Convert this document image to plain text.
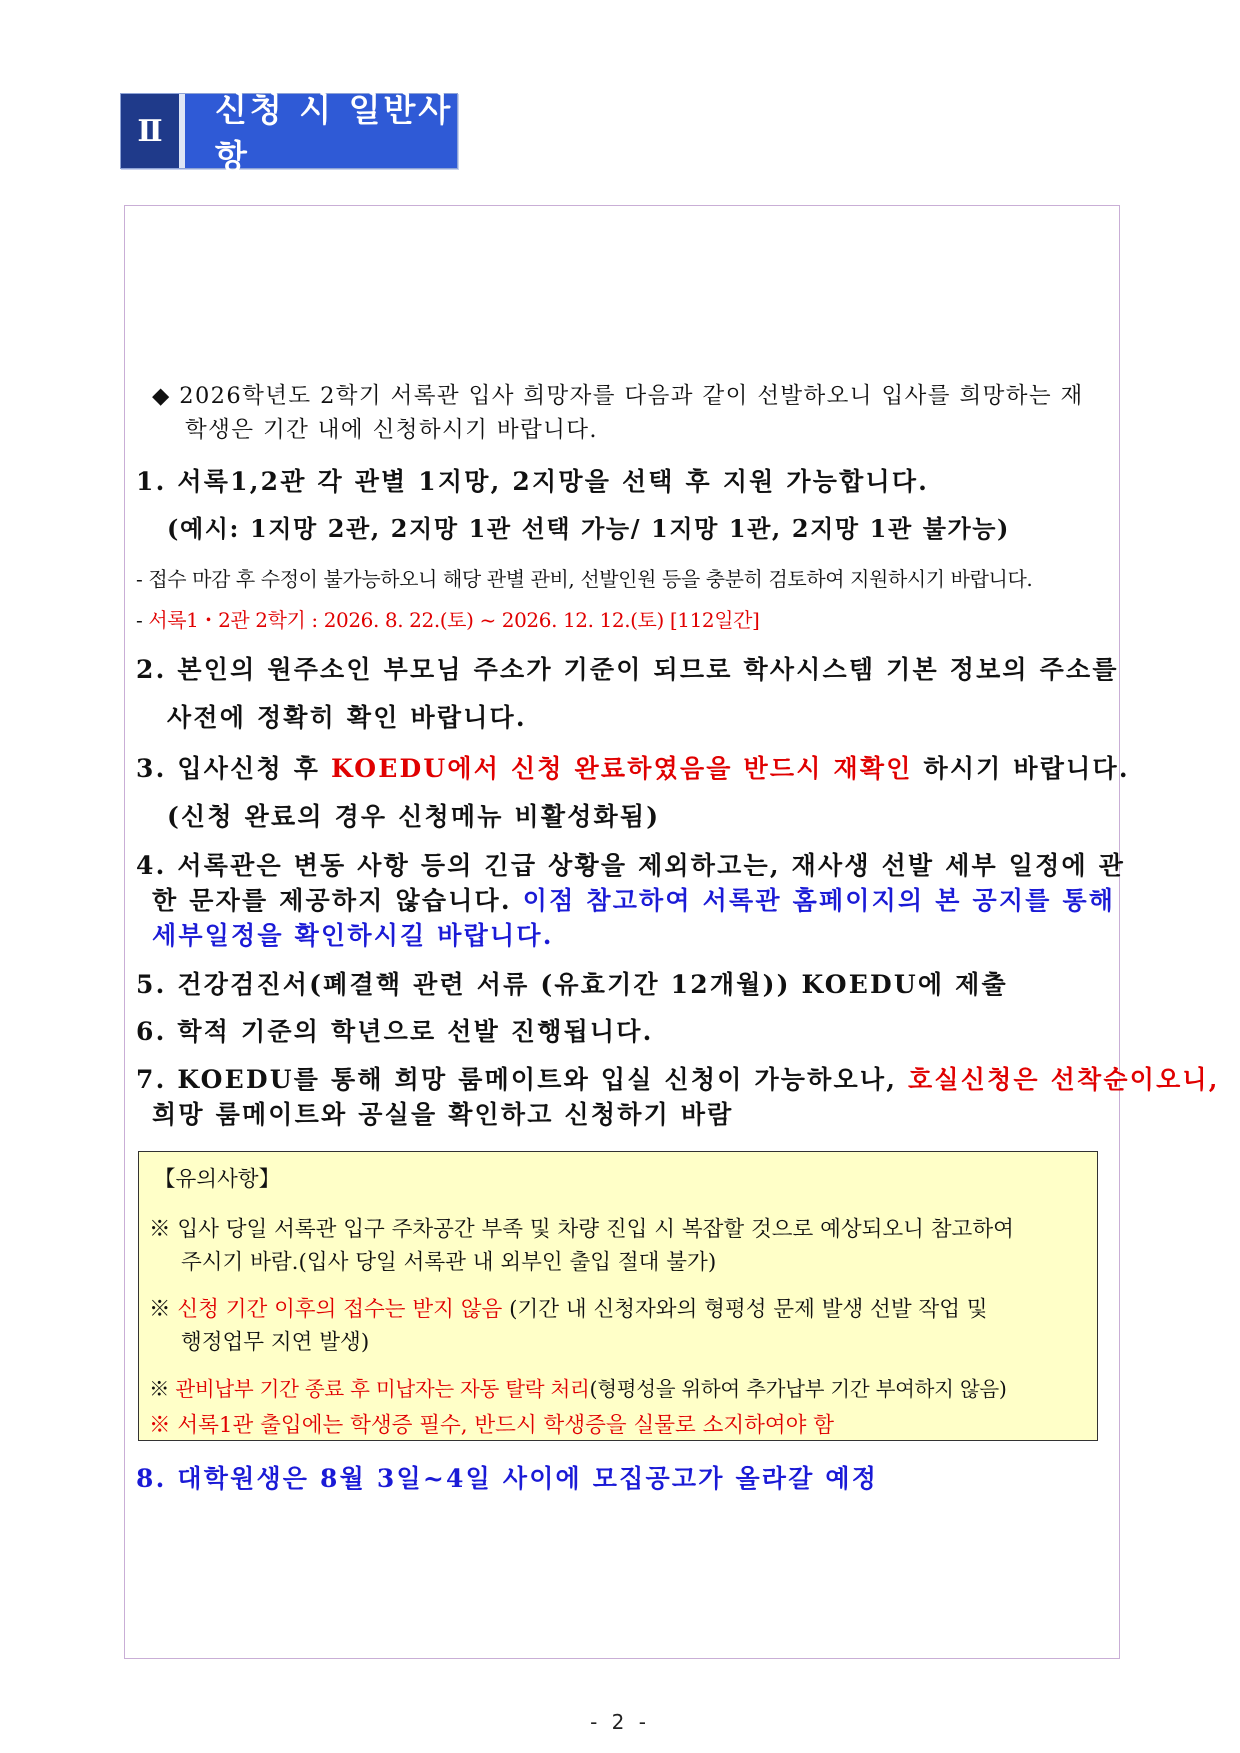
Ⅱ
신청 시 일반사항
◆ 2026학년도 2학기 서록관 입사 희망자를 다음과 같이 선발하오니 입사를 희망하는 재
학생은 기간 내에 신청하시기 바랍니다.
1. 서록1,2관 각 관별 1지망, 2지망을 선택 후 지원 가능합니다.
(예시: 1지망 2관, 2지망 1관 선택 가능/ 1지망 1관, 2지망 1관 불가능)
- 접수 마감 후 수정이 불가능하오니 해당 관별 관비, 선발인원 등을 충분히 검토하여 지원하시기 바랍니다.
- 서록1・2관 2학기 : 2026. 8. 22.(토) ~ 2026. 12. 12.(토) [112일간]
2. 본인의 원주소인 부모님 주소가 기준이 되므로 학사시스템 기본 정보의 주소를
사전에 정확히 확인 바랍니다.
3. 입사신청 후 KOEDU에서 신청 완료하였음을 반드시 재확인 하시기 바랍니다.
(신청 완료의 경우 신청메뉴 비활성화됨)
4. 서록관은 변동 사항 등의 긴급 상황을 제외하고는, 재사생 선발 세부 일정에 관
한 문자를 제공하지 않습니다. 이점 참고하여 서록관 홈페이지의 본 공지를 통해
세부일정을 확인하시길 바랍니다.
5. 건강검진서(폐결핵 관련 서류 (유효기간 12개월)) KOEDU에 제출
6. 학적 기준의 학년으로 선발 진행됩니다.
7. KOEDU를 통해 희망 룸메이트와 입실 신청이 가능하오나, 호실신청은 선착순이오니,
희망 룸메이트와 공실을 확인하고 신청하기 바람
【유의사항】
※ 입사 당일 서록관 입구 주차공간 부족 및 차량 진입 시 복잡할 것으로 예상되오니 참고하여
주시기 바람.(입사 당일 서록관 내 외부인 출입 절대 불가)
※ 신청 기간 이후의 접수는 받지 않음 (기간 내 신청자와의 형평성 문제 발생 선발 작업 및
행정업무 지연 발생)
※ 관비납부 기간 종료 후 미납자는 자동 탈락 처리(형평성을 위하여 추가납부 기간 부여하지 않음)
※ 서록1관 출입에는 학생증 필수, 반드시 학생증을 실물로 소지하여야 함
8. 대학원생은 8월 3일~4일 사이에 모집공고가 올라갈 예정
- 2 -
